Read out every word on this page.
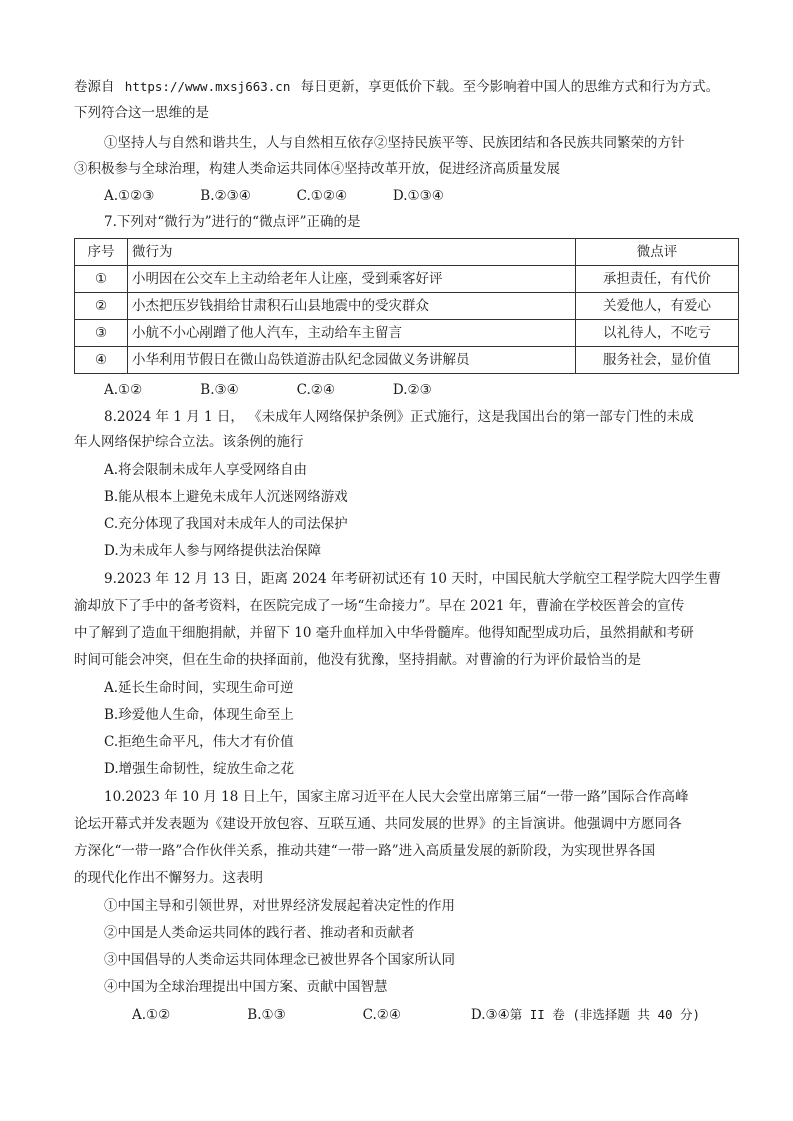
卷源自 https://www.mxsj663.cn 每日更新，享更低价下载。至今影响着中国人的思维方式和行为方式。
下列符合这一思维的是
①坚持人与自然和谐共生，人与自然相互依存②坚持民族平等、民族团结和各民族共同繁荣的方针
③积极参与全球治理，构建人类命运共同体④坚持改革开放，促进经济高质量发展
A.①②③	B.②③④	C.①②④	D.①③④
7.下列对“微行为”进行的“微点评”正确的是
序号	微行为	微点评
①	小明因在公交车上主动给老年人让座，受到乘客好评	承担责任，有代价
②	小杰把压岁钱捐给甘肃积石山县地震中的受灾群众	关爱他人，有爱心
③	小航不小心剐蹭了他人汽车，主动给车主留言	以礼待人，不吃亏
④	小华利用节假日在微山岛铁道游击队纪念园做义务讲解员	服务社会，显价值
A.①②	B.③④	C.②④	D.②③
8.2024 年 1 月 1 日， 《未成年人网络保护条例》正式施行，这是我国出台的第一部专门性的未成
年人网络保护综合立法。该条例的施行
A.将会限制未成年人享受网络自由
B.能从根本上避免未成年人沉迷网络游戏
C.充分体现了我国对未成年人的司法保护
D.为未成年人参与网络提供法治保障
9.2023 年 12 月 13 日，距离 2024 年考研初试还有 10 天时，中国民航大学航空工程学院大四学生曹
渝却放下了手中的备考资料，在医院完成了一场“生命接力”。早在 2021 年，曹渝在学校医普会的宣传
中了解到了造血干细胞捐献，并留下 10 毫升血样加入中华骨髓库。他得知配型成功后，虽然捐献和考研
时间可能会冲突，但在生命的抉择面前，他没有犹豫，坚持捐献。对曹渝的行为评价最恰当的是
A.延长生命时间，实现生命可逆
B.珍爱他人生命，体现生命至上
C.拒绝生命平凡，伟大才有价值
D.增强生命韧性，绽放生命之花
10.2023 年 10 月 18 日上午，国家主席习近平在人民大会堂出席第三届“一带一路”国际合作高峰
论坛开幕式并发表题为《建设开放包容、互联互通、共同发展的世界》的主旨演讲。他强调中方愿同各
方深化“一带一路”合作伙伴关系，推动共建“一带一路”进入高质量发展的新阶段，为实现世界各国
的现代化作出不懈努力。这表明
①中国主导和引领世界，对世界经济发展起着决定性的作用
②中国是人类命运共同体的践行者、推动者和贡献者
③中国倡导的人类命运共同体理念已被世界各个国家所认同
④中国为全球治理提出中国方案、贡献中国智慧
A.①②	B.①③	C.②④	D.③④第 II 卷 (非选择题 共 40 分)
